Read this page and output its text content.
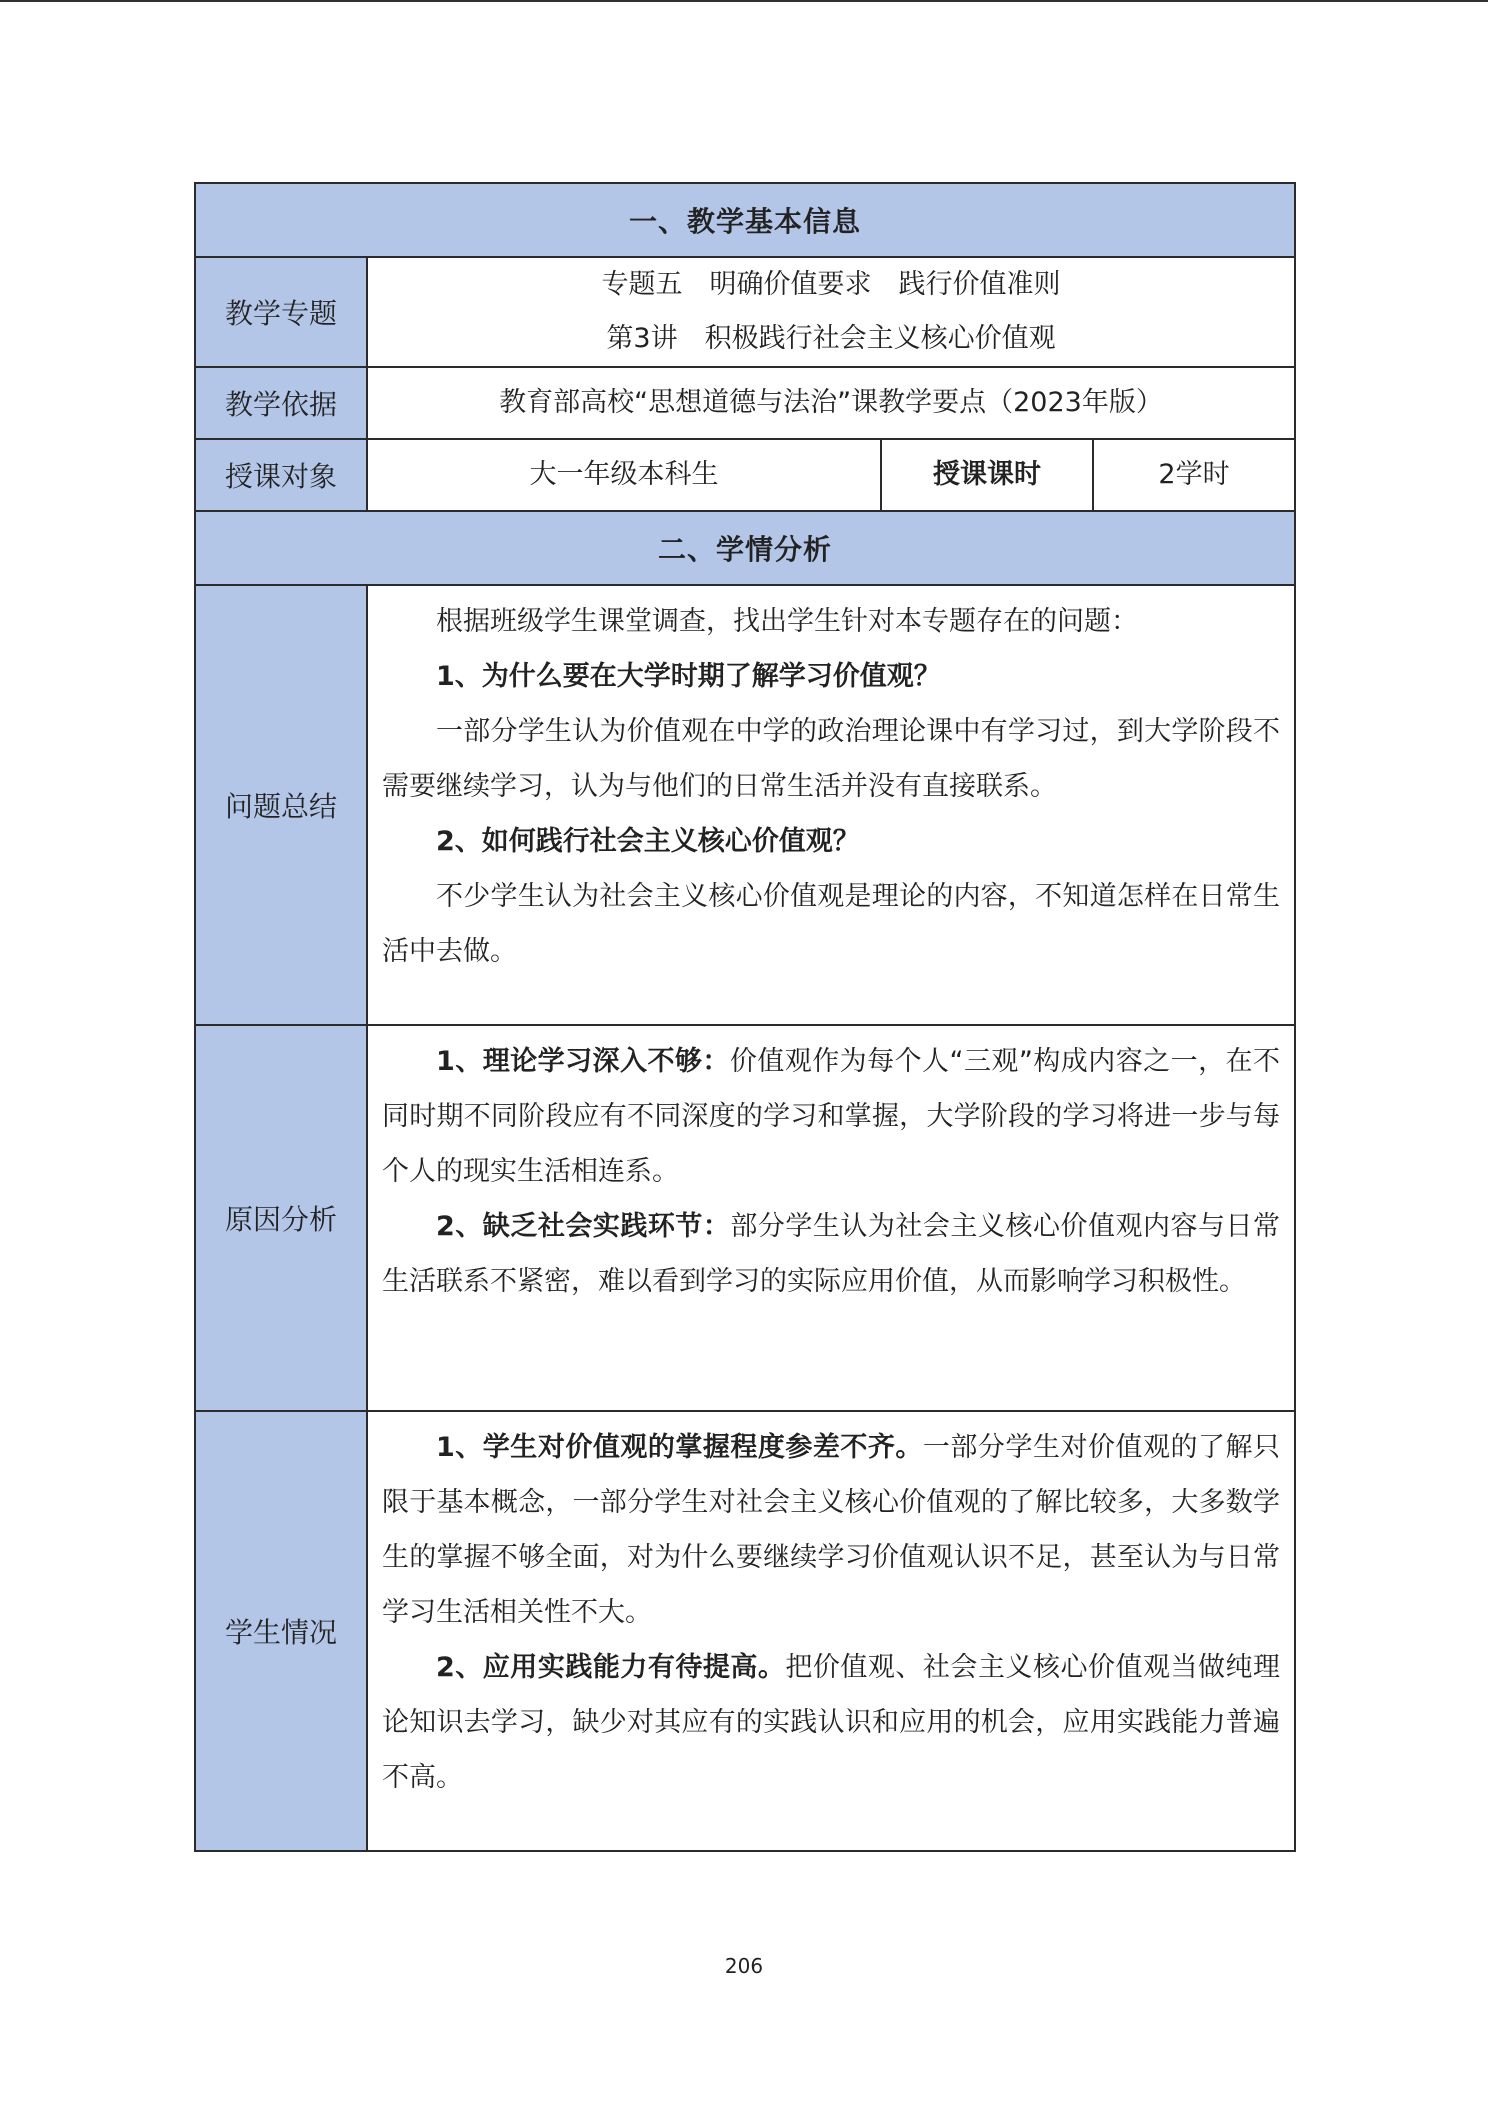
一、教学基本信息			
教学专题	专题五　明确价值要求　践行价值准则
第3讲　积极践行社会主义核心价值观		

教学依据	教育部高校“思想道德与法治”课教学要点（2023年版）		
授课对象	大一年级本科生	授课课时	2学时
二、学情分析			
问题总结	根据班级学生课堂调查，找出学生针对本专题存在的问题：

1、为什么要在大学时期了解学习价值观？

一部分学生认为价值观在中学的政治理论课中有学习过，到大学阶段不需要继续学习，认为与他们的日常生活并没有直接联系。

2、如何践行社会主义核心价值观？

不少学生认为社会主义核心价值观是理论的内容，不知道怎样在日常生活中去做。		

原因分析	1、理论学习深入不够：价值观作为每个人“三观”构成内容之一，在不同时期不同阶段应有不同深度的学习和掌握，大学阶段的学习将进一步与每个人的现实生活相连系。

2、缺乏社会实践环节：部分学生认为社会主义核心价值观内容与日常生活联系不紧密，难以看到学习的实际应用价值，从而影响学习积极性。		

学生情况	1、学生对价值观的掌握程度参差不齐。一部分学生对价值观的了解只限于基本概念，一部分学生对社会主义核心价值观的了解比较多，大多数学生的掌握不够全面，对为什么要继续学习价值观认识不足，甚至认为与日常学习生活相关性不大。

2、应用实践能力有待提高。把价值观、社会主义核心价值观当做纯理论知识去学习，缺少对其应有的实践认识和应用的机会，应用实践能力普遍不高。		

206
